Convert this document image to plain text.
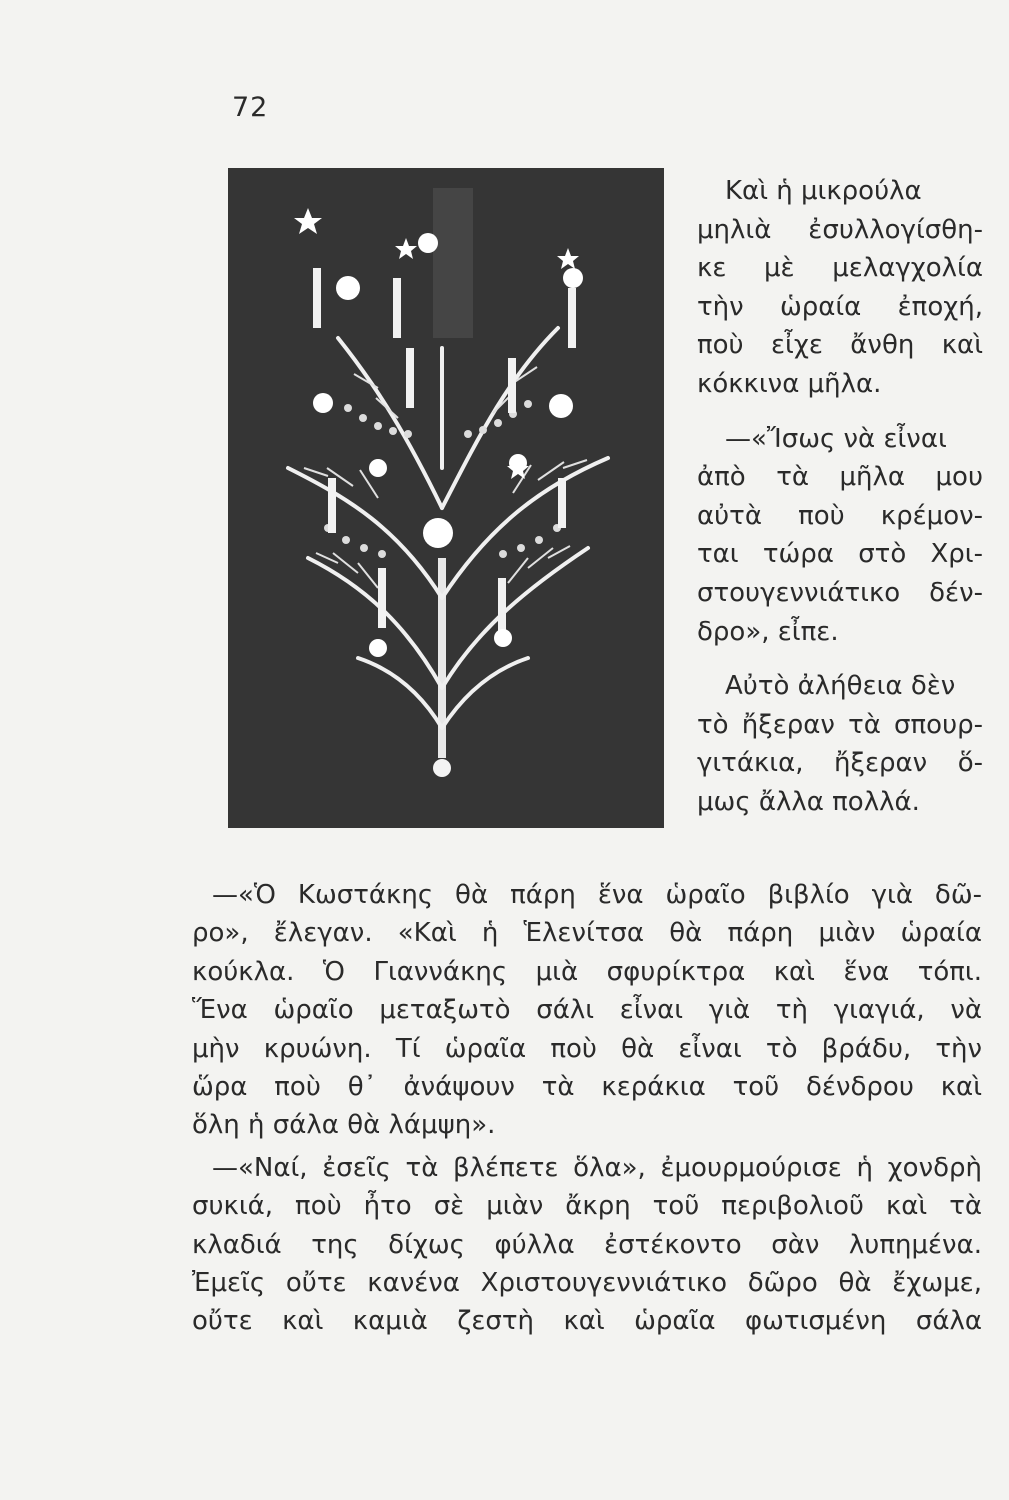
72
Καὶ ἡ μικρούλα
μηλιὰ ἐσυλλογίσθη-
κε μὲ μελαγχολία
τὴν ὡραία ἐποχή,
ποὺ εἶχε ἄνθη καὶ
κόκκινα μῆλα.
—«Ἴσως νὰ εἶναι
ἀπὸ τὰ μῆλα μου
αὐτὰ ποὺ κρέμον-
ται τώρα στὸ Χρι-
στουγεννιάτικο δέν-
δρο», εἶπε.
Αὐτὸ ἀλήθεια δὲν
τὸ ἤξεραν τὰ σπουρ-
γιτάκια, ἤξεραν ὅ-
μως ἄλλα πολλά.
—«Ὁ Κωστάκης θὰ πάρη ἕνα ὡραῖο βιβλίο γιὰ δῶ-
ρο», ἔλεγαν. «Καὶ ἡ Ἑλενίτσα θὰ πάρη μιὰν ὡραία
κούκλα. Ὁ Γιαννάκης μιὰ σφυρίκτρα καὶ ἕνα τόπι.
Ἕνα ὡραῖο μεταξωτὸ σάλι εἶναι γιὰ τὴ γιαγιά, νὰ
μὴν κρυώνη. Τί ὡραῖα ποὺ θὰ εἶναι τὸ βράδυ, τὴν
ὥρα ποὺ θ᾽ ἀνάψουν τὰ κεράκια τοῦ δένδρου καὶ
ὅλη ἡ σάλα θὰ λάμψη».
—«Ναί, ἐσεῖς τὰ βλέπετε ὅλα», ἐμουρμούρισε ἡ χονδρὴ
συκιά, ποὺ ἦτο σὲ μιὰν ἄκρη τοῦ περιβολιοῦ καὶ τὰ
κλαδιά της δίχως φύλλα ἐστέκοντο σὰν λυπημένα.
Ἐμεῖς οὔτε κανένα Χριστουγεννιάτικο δῶρο θὰ ἔχωμε,
οὔτε καὶ καμιὰ ζεστὴ καὶ ὡραῖα φωτισμένη σάλα
